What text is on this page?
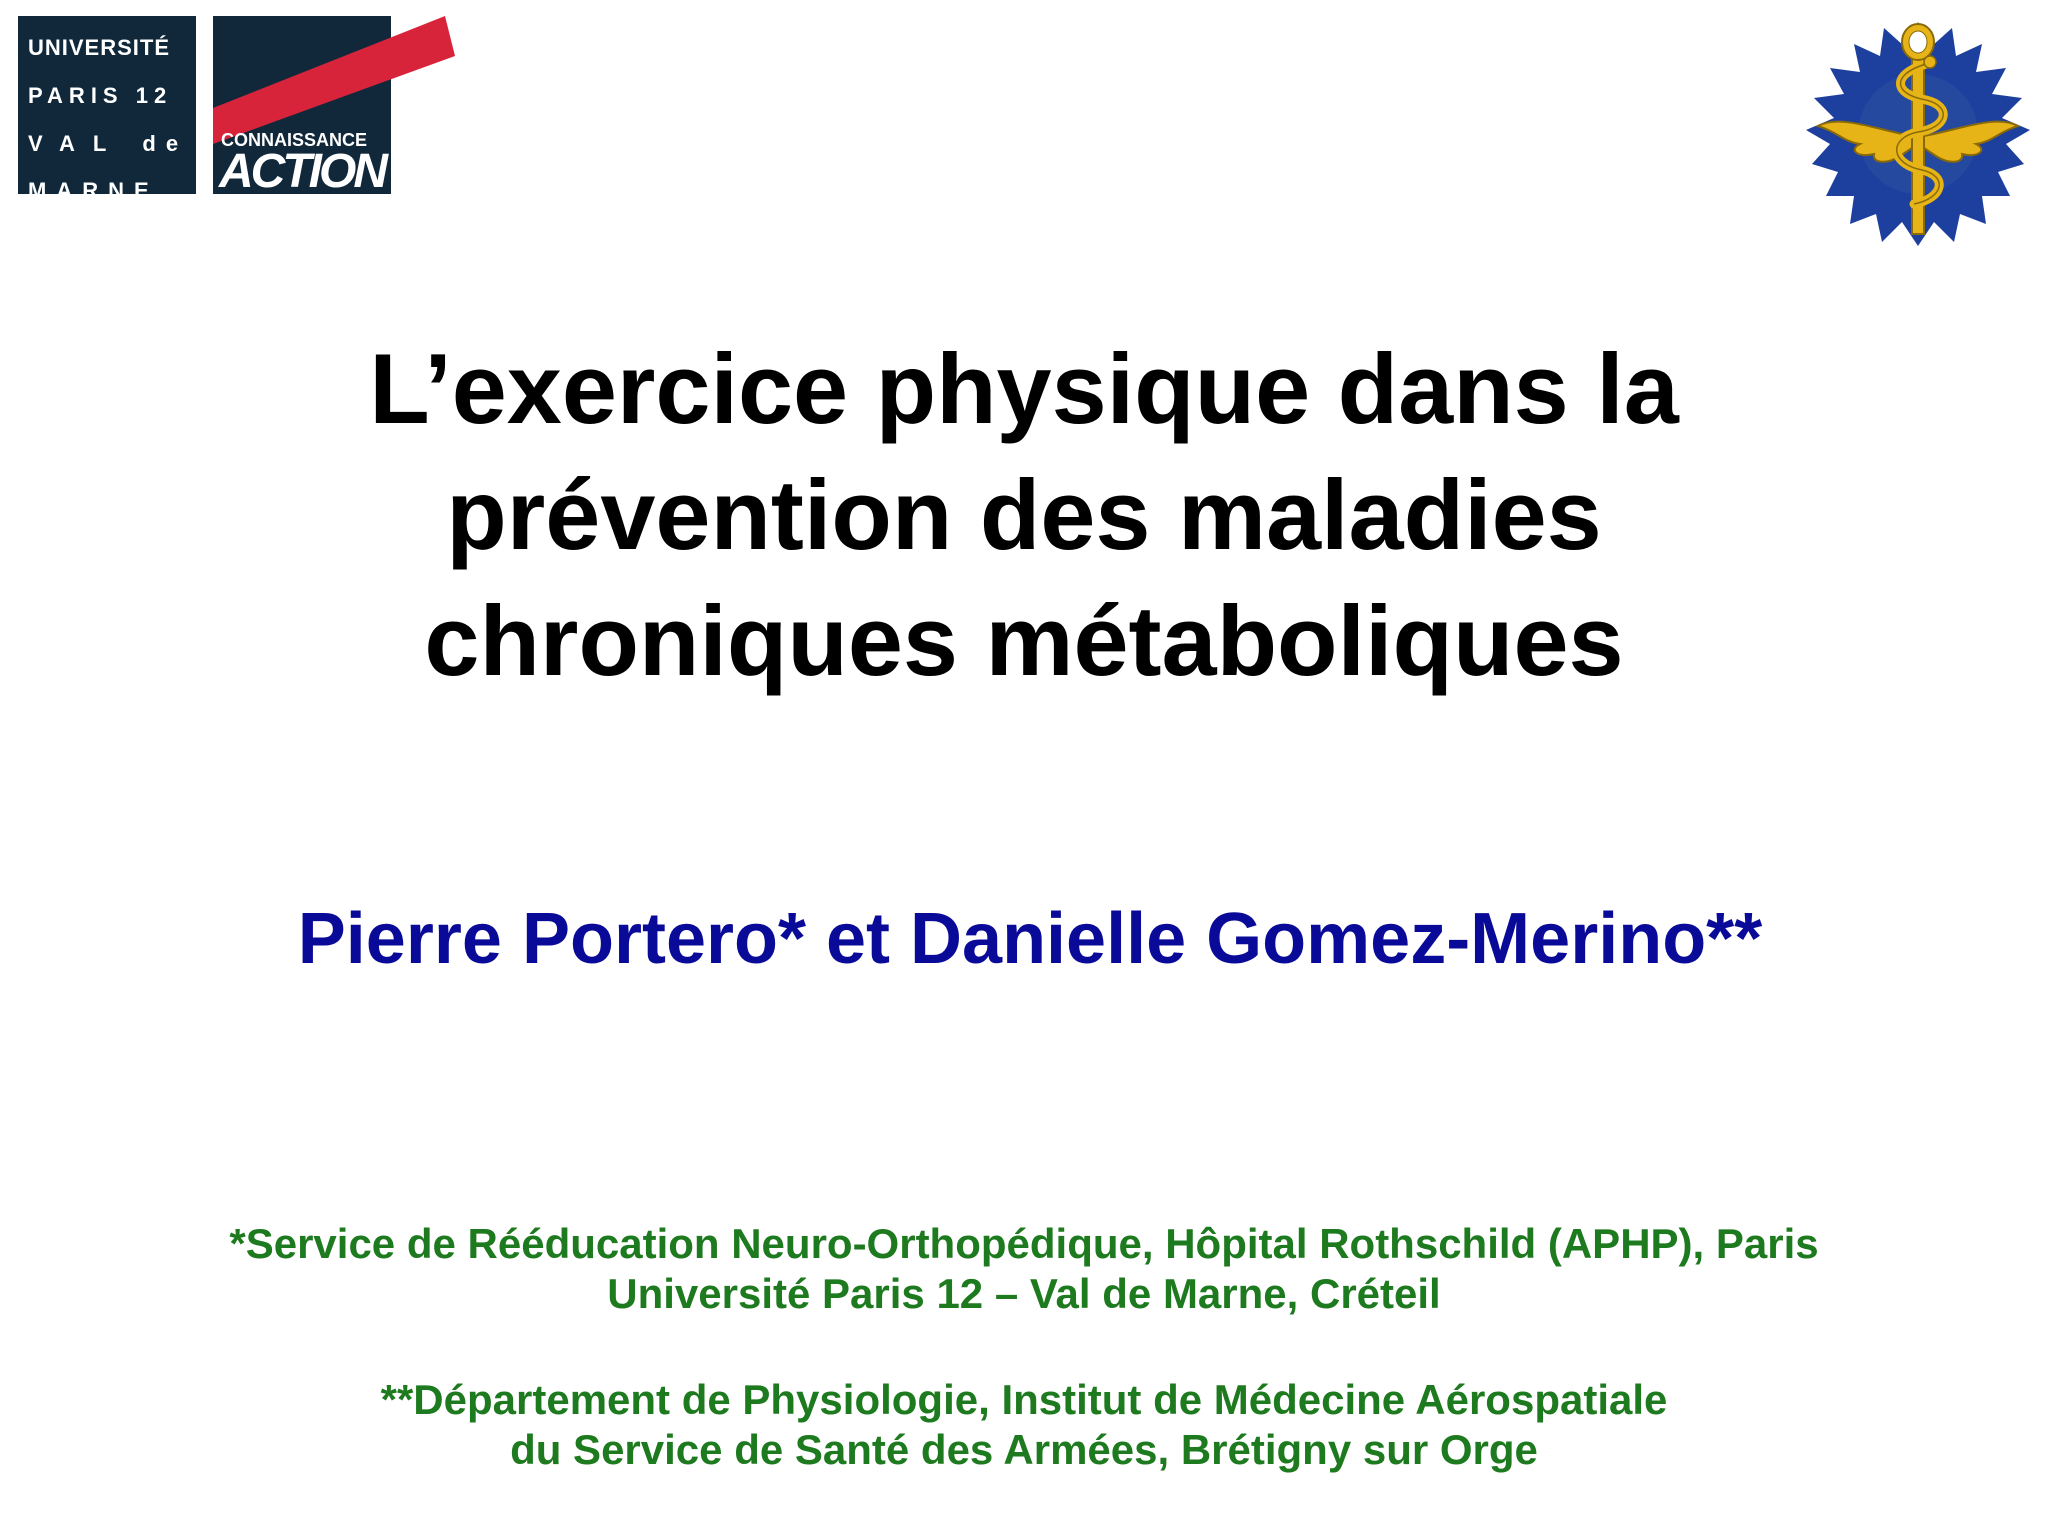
UNIVERSITÉ
PARIS 12
VAL de
MARNE
CONNAISSANCE
ACTION
L’exercice physique dans la
prévention des maladies
chroniques métaboliques
Pierre Portero* et Danielle Gomez-Merino**
*Service de Rééducation Neuro-Orthopédique, Hôpital Rothschild (APHP), Paris
Université Paris 12 – Val de Marne, Créteil
**Département de Physiologie, Institut de Médecine Aérospatiale
du Service de Santé des Armées, Brétigny sur Orge
